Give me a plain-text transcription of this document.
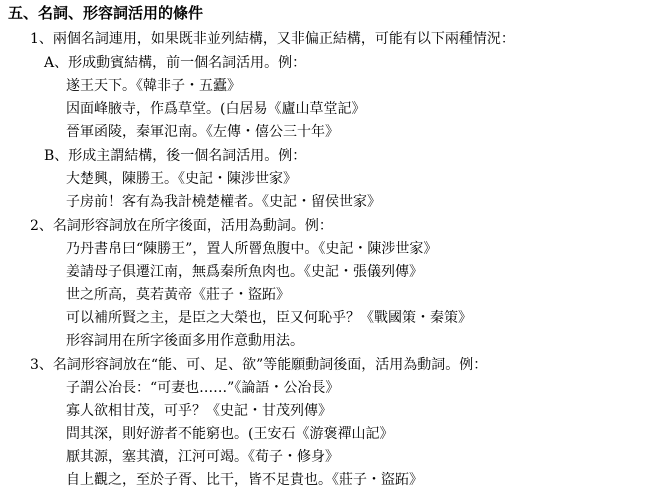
五、名詞、形容詞活用的條件
1、兩個名詞連用，如果既非並列結構，又非偏正結構，可能有以下兩種情況：
A、形成動賓結構，前一個名詞活用。例：
遂王天下。《韓非子・五蠹》
因面峰腋寺，作爲草堂。(白居易《廬山草堂記》
晉軍函陵，秦軍氾南。《左傳・僖公三十年》
B、形成主謂結構，後一個名詞活用。例：
大楚興，陳勝王。《史記・陳涉世家》
子房前！客有為我計橈楚權者。《史記・留侯世家》
2、名詞形容詞放在所字後面，活用為動詞。例：
乃丹書帛曰“陳勝王”，置人所罾魚腹中。《史記・陳涉世家》
姜請母子俱遷江南，無爲秦所魚肉也。《史記・張儀列傳》
世之所高，莫若黃帝《莊子・盜跖》
可以補所賢之主，是臣之大榮也，臣又何恥乎？《戰國策・秦策》
形容詞用在所字後面多用作意動用法。
3、名詞形容詞放在“能、可、足、欲”等能願動詞後面，活用為動詞。例：
子謂公冶長：“可妻也……”《論語・公冶長》
寡人欲相甘茂，可乎？《史記・甘茂列傳》
問其深，則好游者不能窮也。(王安石《游褒禪山記》
厭其源，塞其瀆，江河可竭。《荀子・修身》
自上觀之，至於子胥、比干，皆不足貴也。《莊子・盜跖》
